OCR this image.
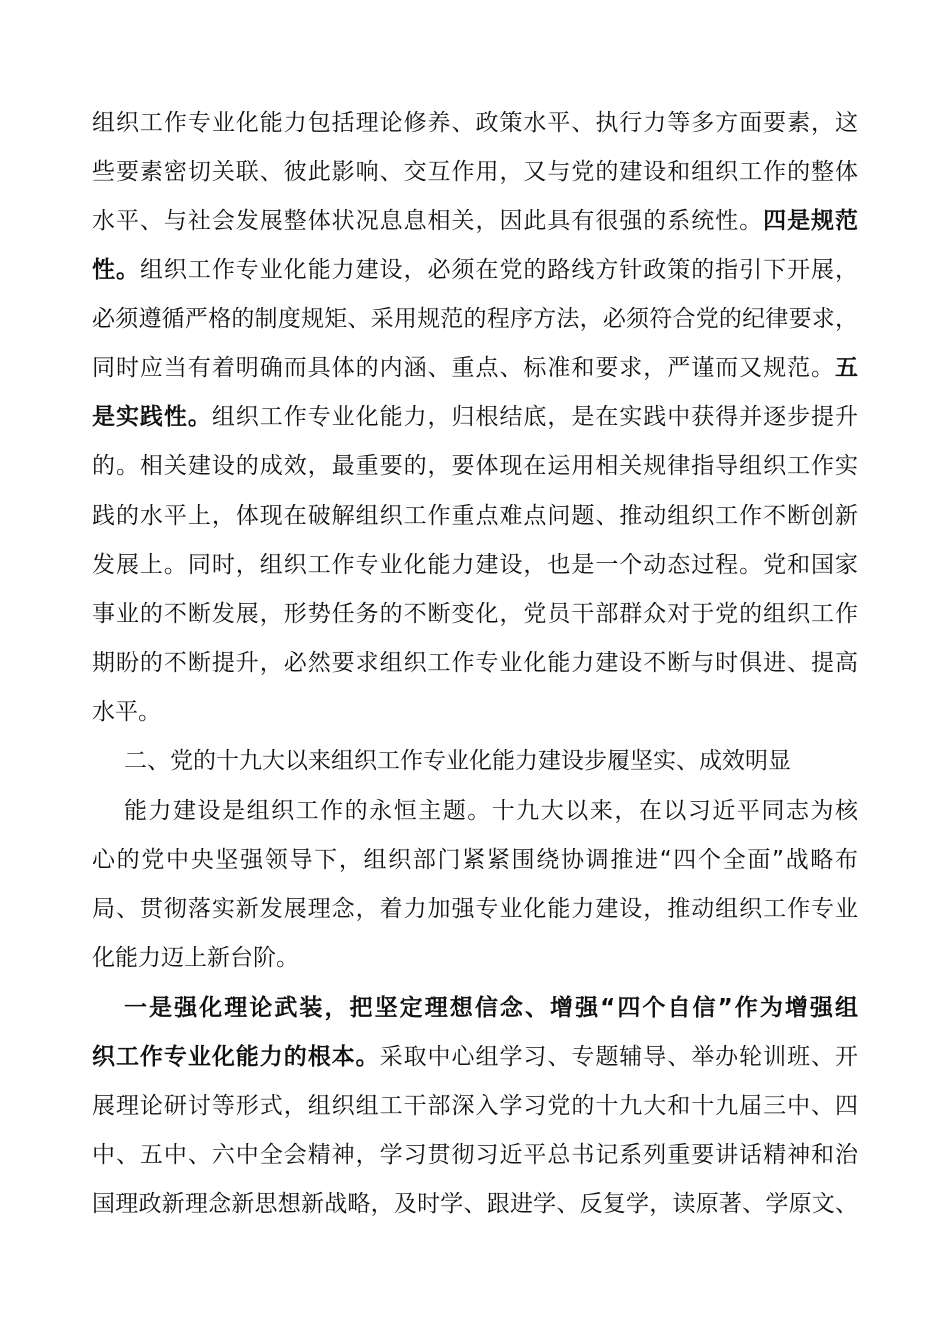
组织工作专业化能力包括理论修养、政策水平、执行力等多方面要素，这
些要素密切关联、彼此影响、交互作用，又与党的建设和组织工作的整体
水平、与社会发展整体状况息息相关，因此具有很强的系统性。四是规范
性。组织工作专业化能力建设，必须在党的路线方针政策的指引下开展，
必须遵循严格的制度规矩、采用规范的程序方法，必须符合党的纪律要求，
同时应当有着明确而具体的内涵、重点、标准和要求，严谨而又规范。五
是实践性。组织工作专业化能力，归根结底，是在实践中获得并逐步提升
的。相关建设的成效，最重要的，要体现在运用相关规律指导组织工作实
践的水平上，体现在破解组织工作重点难点问题、推动组织工作不断创新
发展上。同时，组织工作专业化能力建设，也是一个动态过程。党和国家
事业的不断发展，形势任务的不断变化，党员干部群众对于党的组织工作
期盼的不断提升，必然要求组织工作专业化能力建设不断与时俱进、提高
水平。
二、党的十九大以来组织工作专业化能力建设步履坚实、成效明显
能力建设是组织工作的永恒主题。十九大以来，在以习近平同志为核
心的党中央坚强领导下，组织部门紧紧围绕协调推进“四个全面”战略布
局、贯彻落实新发展理念，着力加强专业化能力建设，推动组织工作专业
化能力迈上新台阶。
一是强化理论武装，把坚定理想信念、增强“四个自信”作为增强组
织工作专业化能力的根本。采取中心组学习、专题辅导、举办轮训班、开
展理论研讨等形式，组织组工干部深入学习党的十九大和十九届三中、四
中、五中、六中全会精神，学习贯彻习近平总书记系列重要讲话精神和治
国理政新理念新思想新战略，及时学、跟进学、反复学，读原著、学原文、
